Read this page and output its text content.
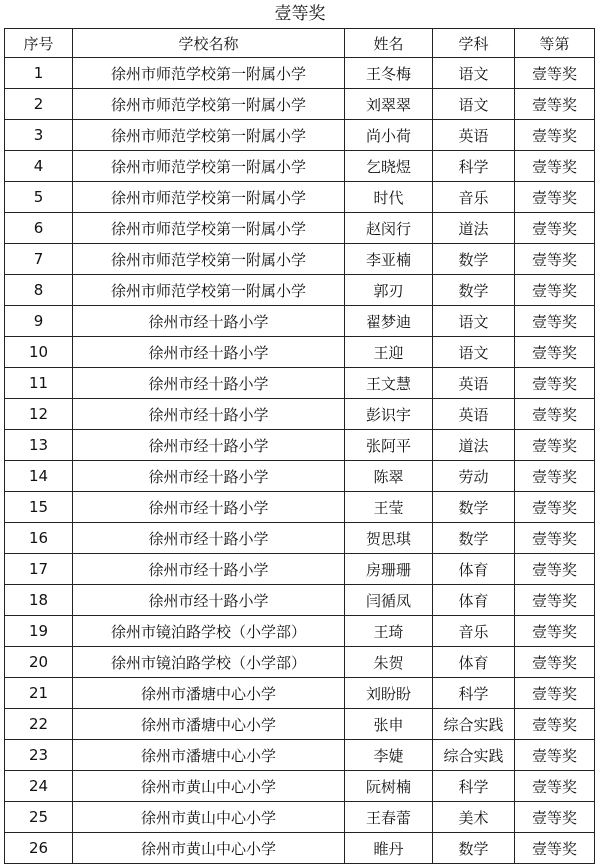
壹等奖
序号	学校名称	姓名	学科	等第
1	徐州市师范学校第一附属小学	王冬梅	语文	壹等奖
2	徐州市师范学校第一附属小学	刘翠翠	语文	壹等奖
3	徐州市师范学校第一附属小学	尚小荷	英语	壹等奖
4	徐州市师范学校第一附属小学	乞晓煜	科学	壹等奖
5	徐州市师范学校第一附属小学	时代	音乐	壹等奖
6	徐州市师范学校第一附属小学	赵闵行	道法	壹等奖
7	徐州市师范学校第一附属小学	李亚楠	数学	壹等奖
8	徐州市师范学校第一附属小学	郭刃	数学	壹等奖
9	徐州市经十路小学	翟梦迪	语文	壹等奖
10	徐州市经十路小学	王迎	语文	壹等奖
11	徐州市经十路小学	王文慧	英语	壹等奖
12	徐州市经十路小学	彭识宇	英语	壹等奖
13	徐州市经十路小学	张阿平	道法	壹等奖
14	徐州市经十路小学	陈翠	劳动	壹等奖
15	徐州市经十路小学	王莹	数学	壹等奖
16	徐州市经十路小学	贺思琪	数学	壹等奖
17	徐州市经十路小学	房珊珊	体育	壹等奖
18	徐州市经十路小学	闫循凤	体育	壹等奖
19	徐州市镜泊路学校（小学部）	王琦	音乐	壹等奖
20	徐州市镜泊路学校（小学部）	朱贺	体育	壹等奖
21	徐州市潘塘中心小学	刘盼盼	科学	壹等奖
22	徐州市潘塘中心小学	张申	综合实践	壹等奖
23	徐州市潘塘中心小学	李婕	综合实践	壹等奖
24	徐州市黄山中心小学	阮树楠	科学	壹等奖
25	徐州市黄山中心小学	王春蕾	美术	壹等奖
26	徐州市黄山中心小学	睢丹	数学	壹等奖
